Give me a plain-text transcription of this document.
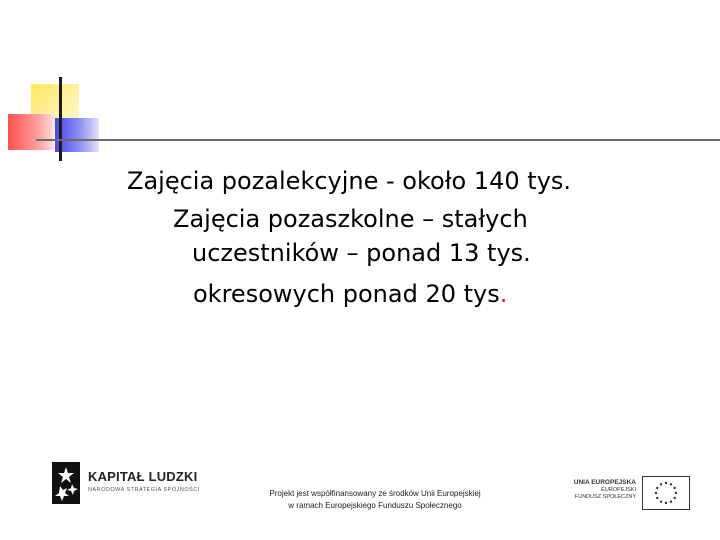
Zajęcia pozalekcyjne - około 140 tys.
Zajęcia pozaszkolne – stałych
uczestników – ponad 13 tys.
okresowych ponad 20 tys.
KAPITAŁ LUDZKI
NARODOWA STRATEGIA SPÓJNOŚCI	Projekt jest współfinansowany ze środków Unii Europejskiej
w ramach Europejskiego Funduszu Społecznego
UNIA EUROPEJSKA
EUROPEJSKI
FUNDUSZ SPOŁECZNY
